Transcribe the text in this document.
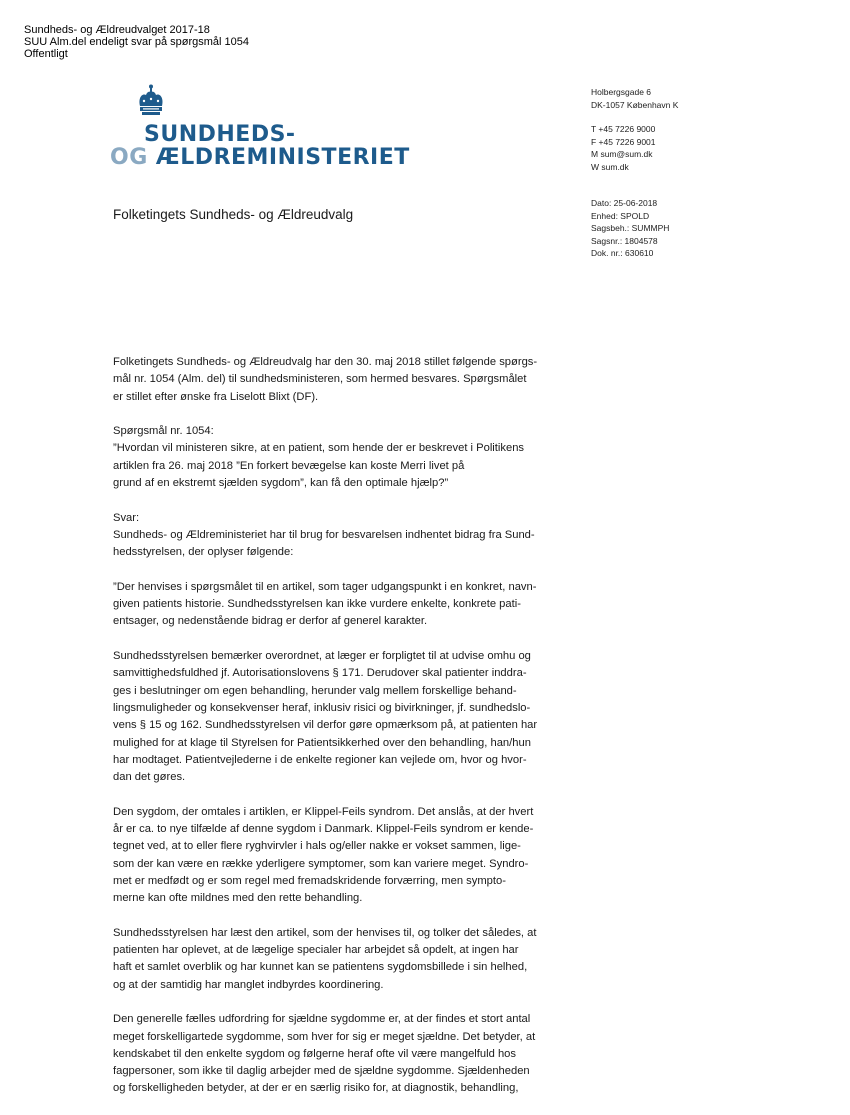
Sundheds- og Ældreudvalget 2017-18
SUU Alm.del endeligt svar på spørgsmål 1054
Offentligt
SUNDHEDS-
OG ÆLDREMINISTERIET
Holbergsgade 6
DK-1057 København K
T +45 7226 9000
F +45 7226 9001
M sum@sum.dk
W sum.dk
Folketingets Sundheds- og Ældreudvalg
Dato: 25-06-2018
Enhed: SPOLD
Sagsbeh.: SUMMPH
Sagsnr.: 1804578
Dok. nr.: 630610

Folketingets Sundheds- og Ældreudvalg har den 30. maj 2018 stillet følgende spørgs-
mål nr. 1054 (Alm. del) til sundhedsministeren, som hermed besvares. Spørgsmålet
er stillet efter ønske fra Liselott Blixt (DF).

Spørgsmål nr. 1054:
”Hvordan vil ministeren sikre, at en patient, som hende der er beskrevet i Politikens
artiklen fra 26. maj 2018 ”En forkert bevægelse kan koste Merri livet på
grund af en ekstremt sjælden sygdom”, kan få den optimale hjælp?”

Svar:
Sundheds- og Ældreministeriet har til brug for besvarelsen indhentet bidrag fra Sund-
hedsstyrelsen, der oplyser følgende:

”Der henvises i spørgsmålet til en artikel, som tager udgangspunkt i en konkret, navn-
given patients historie. Sundhedsstyrelsen kan ikke vurdere enkelte, konkrete pati-
entsager, og nedenstående bidrag er derfor af generel karakter.

Sundhedsstyrelsen bemærker overordnet, at læger er forpligtet til at udvise omhu og
samvittighedsfuldhed jf. Autorisationslovens § 171. Derudover skal patienter inddra-
ges i beslutninger om egen behandling, herunder valg mellem forskellige behand-
lingsmuligheder og konsekvenser heraf, inklusiv risici og bivirkninger, jf. sundhedslo-
vens § 15 og 162. Sundhedsstyrelsen vil derfor gøre opmærksom på, at patienten har
mulighed for at klage til Styrelsen for Patientsikkerhed over den behandling, han/hun
har modtaget. Patientvejlederne i de enkelte regioner kan vejlede om, hvor og hvor-
dan det gøres.

Den sygdom, der omtales i artiklen, er Klippel-Feils syndrom. Det anslås, at der hvert
år er ca. to nye tilfælde af denne sygdom i Danmark. Klippel-Feils syndrom er kende-
tegnet ved, at to eller flere ryghvirvler i hals og/eller nakke er vokset sammen, lige-
som der kan være en række yderligere symptomer, som kan variere meget. Syndro-
met er medfødt og er som regel med fremadskridende forværring, men sympto-
merne kan ofte mildnes med den rette behandling.

Sundhedsstyrelsen har læst den artikel, som der henvises til, og tolker det således, at
patienten har oplevet, at de lægelige specialer har arbejdet så opdelt, at ingen har
haft et samlet overblik og har kunnet kan se patientens sygdomsbillede i sin helhed,
og at der samtidig har manglet indbyrdes koordinering.

Den generelle fælles udfordring for sjældne sygdomme er, at der findes et stort antal
meget forskelligartede sygdomme, som hver for sig er meget sjældne. Det betyder, at
kendskabet til den enkelte sygdom og følgerne heraf ofte vil være mangelfuld hos
fagpersoner, som ikke til daglig arbejder med de sjældne sygdomme. Sjældenheden
og forskelligheden betyder, at der er en særlig risiko for, at diagnostik, behandling,
